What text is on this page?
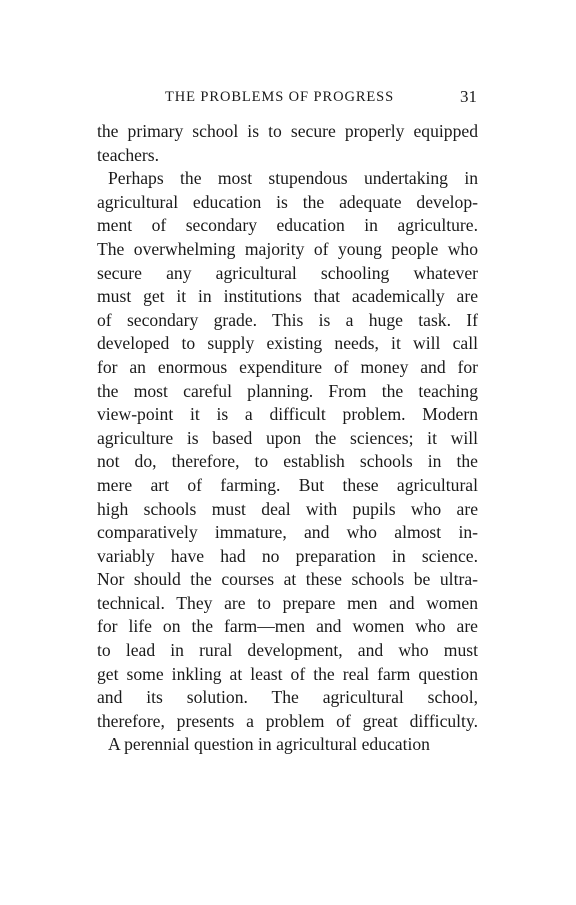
THE PROBLEMS OF PROGRESS	31
the primary school is to secure properly equipped
teachers.
Perhaps the most stupendous undertaking in
agricultural education is the adequate develop-
ment of secondary education in agriculture.
The overwhelming majority of young people who
secure any agricultural schooling whatever
must get it in institutions that academically are
of secondary grade. This is a huge task. If
developed to supply existing needs, it will call
for an enormous expenditure of money and for
the most careful planning. From the teaching
view-point it is a difficult problem. Modern
agriculture is based upon the sciences; it will
not do, therefore, to establish schools in the
mere art of farming. But these agricultural
high schools must deal with pupils who are
comparatively immature, and who almost in-
variably have had no preparation in science.
Nor should the courses at these schools be ultra-
technical. They are to prepare men and women
for life on the farm—men and women who are
to lead in rural development, and who must
get some inkling at least of the real farm question
and its solution. The agricultural school,
therefore, presents a problem of great difficulty.
A perennial question in agricultural education
